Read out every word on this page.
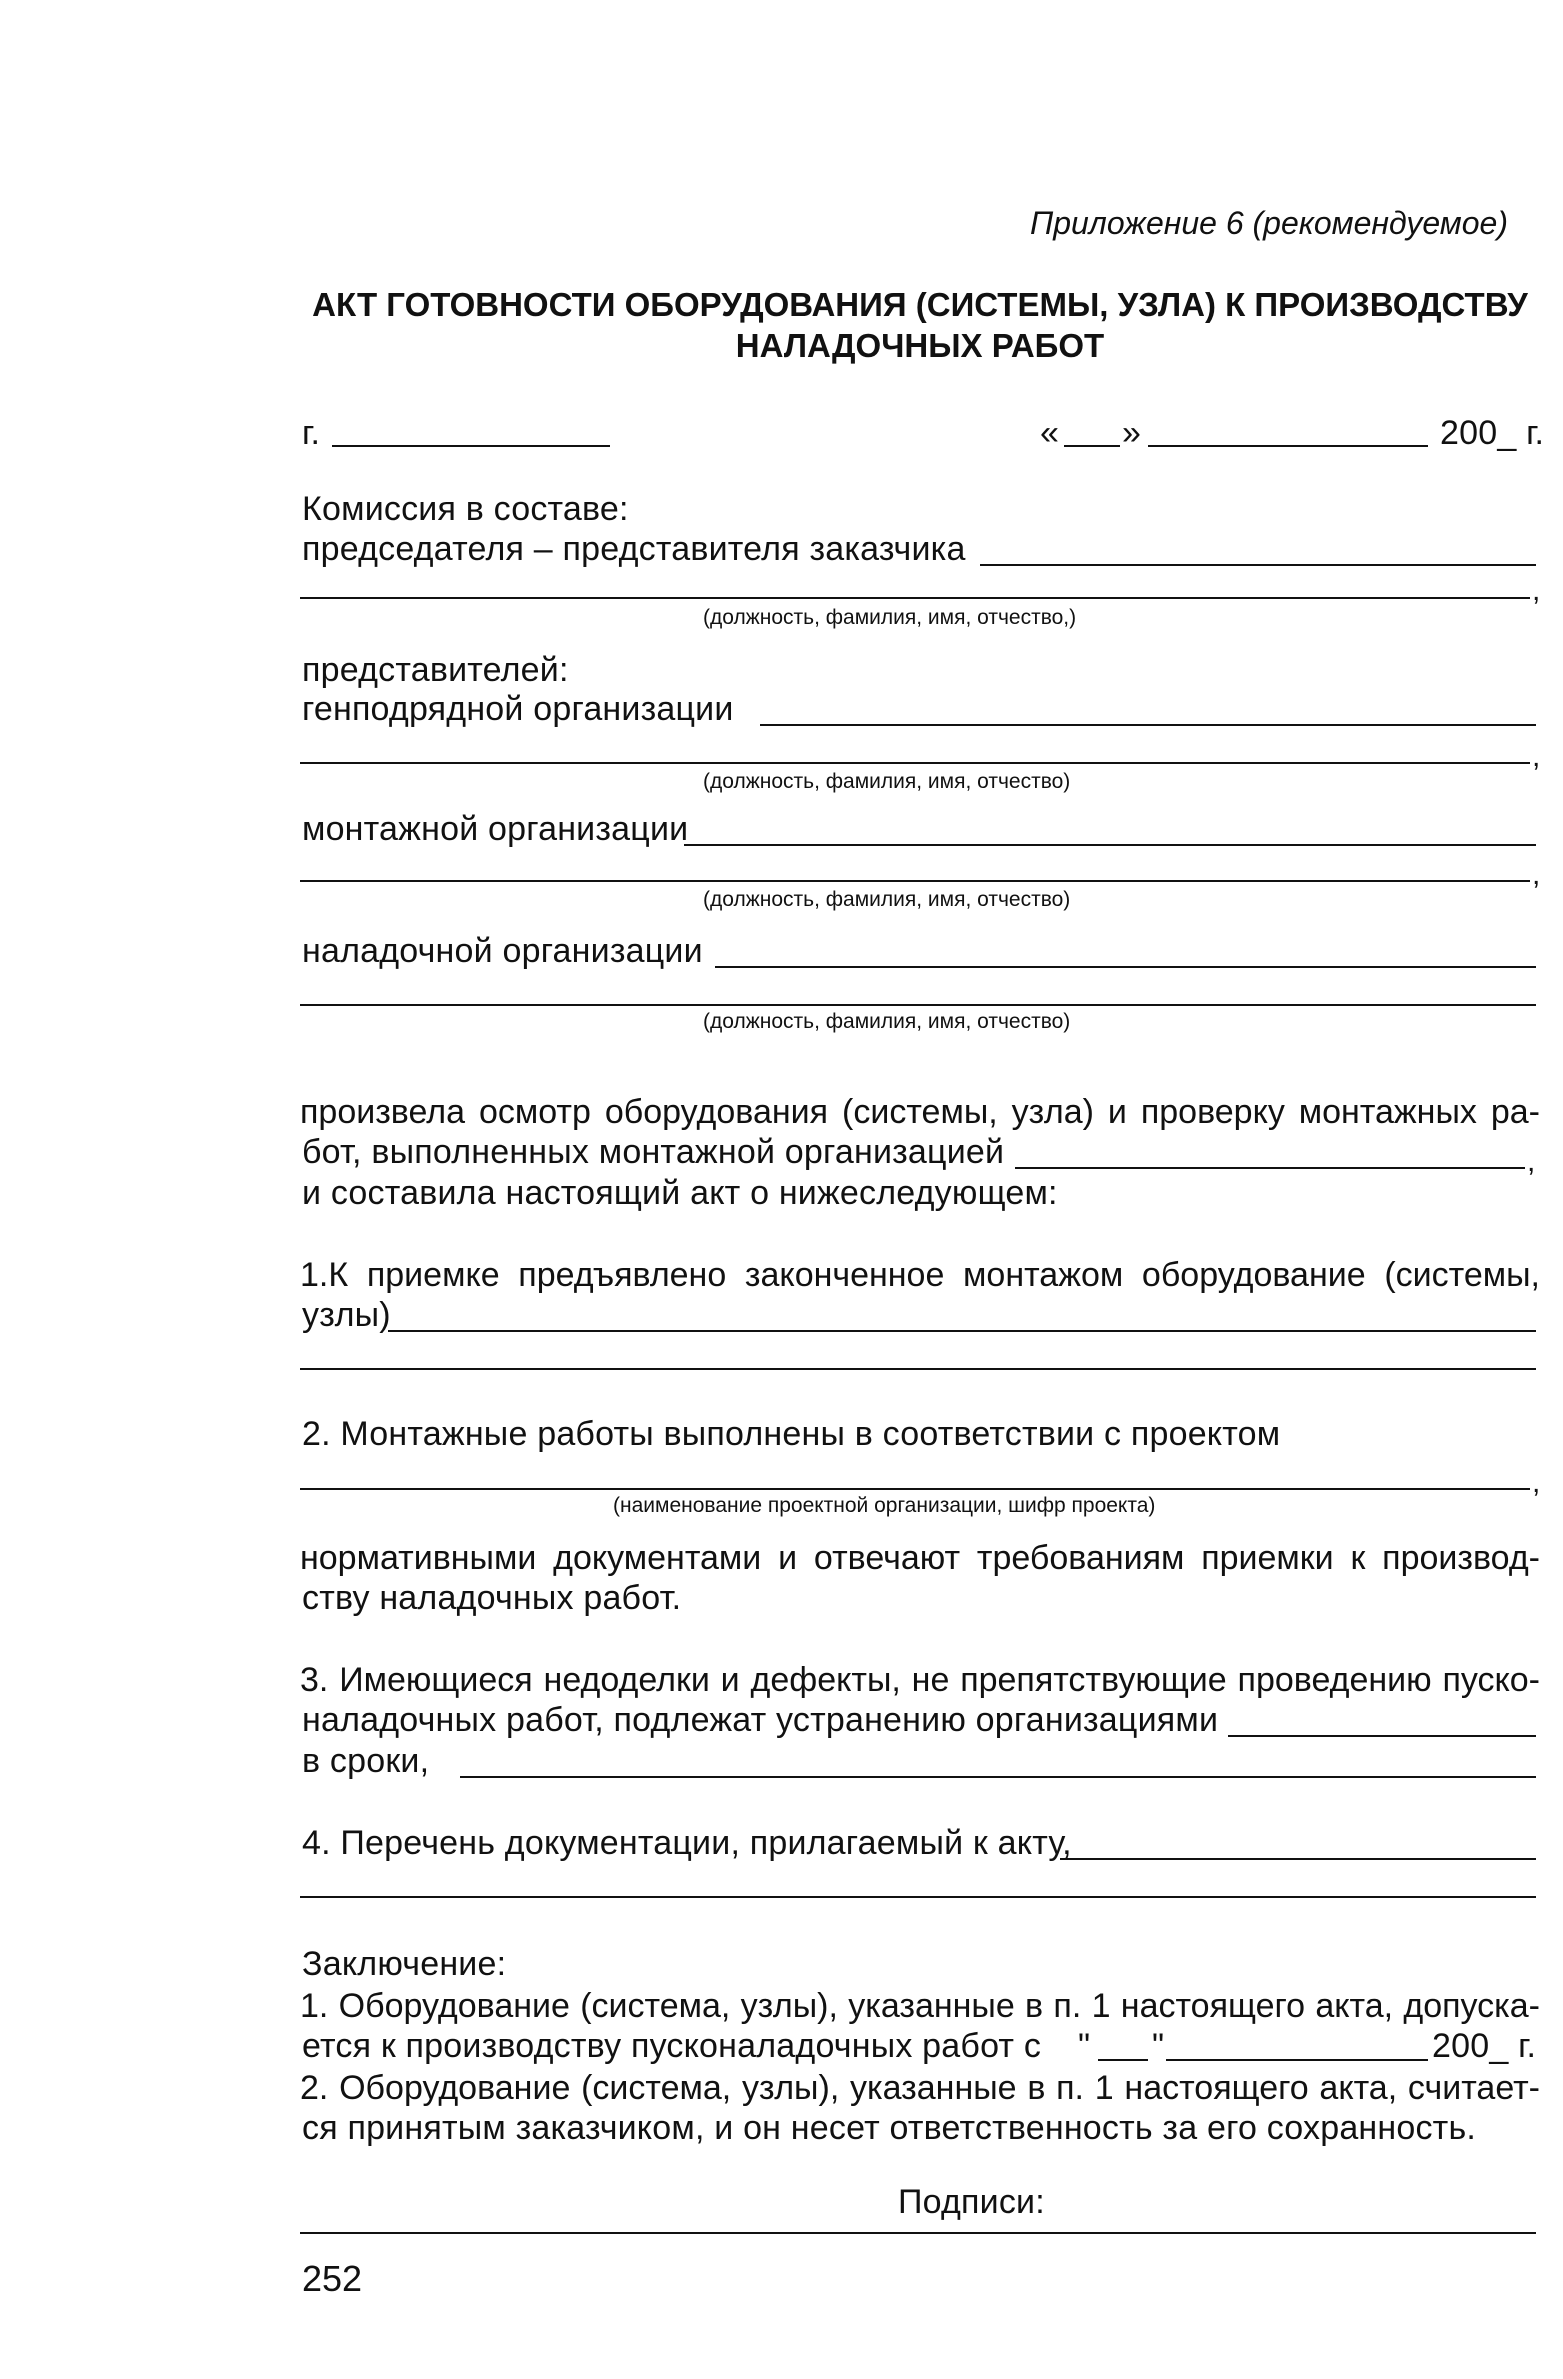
Приложение 6 (рекомендуемое)
АКТ ГОТОВНОСТИ ОБОРУДОВАНИЯ (СИСТЕМЫ, УЗЛА) К ПРОИЗВОДСТВУ
НАЛАДОЧНЫХ РАБОТ
г.	« »	200_ г.
Комиссия в составе:
председателя – представителя заказчика
,
(должность, фамилия, имя, отчество,)
представителей:
генподрядной организации
,
(должность, фамилия, имя, отчество)
монтажной организации
,
(должность, фамилия, имя, отчество)
наладочной организации
(должность, фамилия, имя, отчество)
произвела осмотр оборудования (системы, узла) и проверку монтажных ра-
бот, выполненных монтажной организацией	,
и составила настоящий акт о нижеследующем:
1.К приемке предъявлено законченное монтажом оборудование (системы,
узлы)
2. Монтажные работы выполнены в соответствии с проектом
,
(наименование проектной организации, шифр проекта)
нормативными документами и отвечают требованиям приемки к производ-
ству наладочных работ.
3. Имеющиеся недоделки и дефекты, не препятствующие проведению пуско-
наладочных работ, подлежат устранению организациями
в сроки,
4. Перечень документации, прилагаемый к акту,
Заключение:
1. Оборудование (система, узлы), указанные в п. 1 настоящего акта, допуска-
ется к производству пусконаладочных работ с " "	200_ г.
2. Оборудование (система, узлы), указанные в п. 1 настоящего акта, считает-
ся принятым заказчиком, и он несет ответственность за его сохранность.
Подписи:
252
